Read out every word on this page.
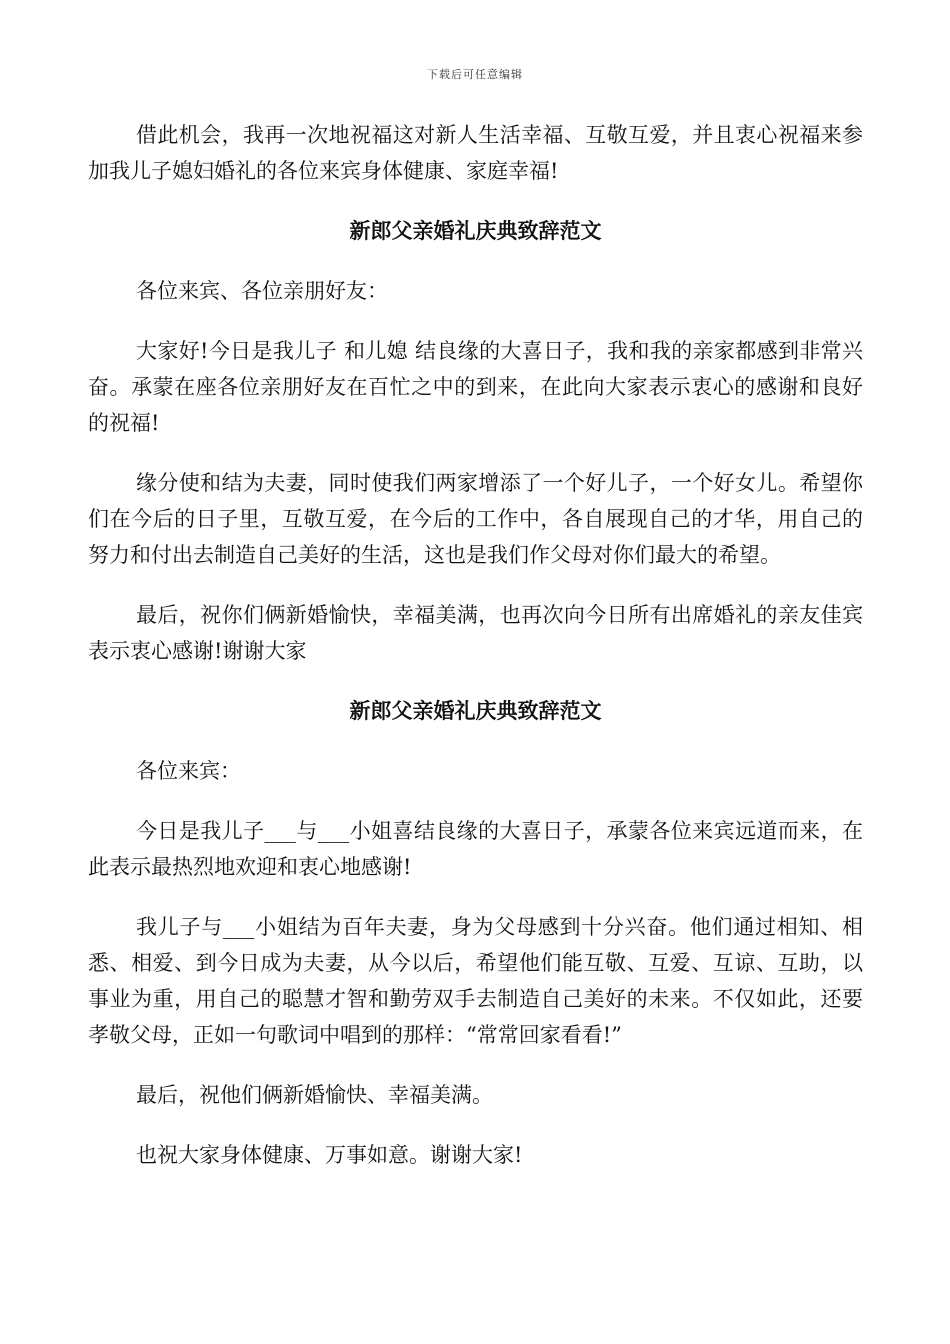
下载后可任意编辑

借此机会，我再一次地祝福这对新人生活幸福、互敬互爱，并且衷心祝福来参加我儿子媳妇婚礼的各位来宾身体健康、家庭幸福!

新郎父亲婚礼庆典致辞范文

各位来宾、各位亲朋好友：

大家好!今日是我儿子 和儿媳 结良缘的大喜日子，我和我的亲家都感到非常兴奋。承蒙在座各位亲朋好友在百忙之中的到来，在此向大家表示衷心的感谢和良好的祝福!

缘分使和结为夫妻，同时使我们两家增添了一个好儿子，一个好女儿。希望你们在今后的日子里，互敬互爱，在今后的工作中，各自展现自己的才华，用自己的努力和付出去制造自己美好的生活，这也是我们作父母对你们最大的希望。

最后，祝你们俩新婚愉快，幸福美满，也再次向今日所有出席婚礼的亲友佳宾表示衷心感谢!谢谢大家

新郎父亲婚礼庆典致辞范文

各位来宾：

今日是我儿子___与___小姐喜结良缘的大喜日子，承蒙各位来宾远道而来，在此表示最热烈地欢迎和衷心地感谢!

我儿子与___小姐结为百年夫妻，身为父母感到十分兴奋。他们通过相知、相悉、相爱、到今日成为夫妻，从今以后，希望他们能互敬、互爱、互谅、互助，以事业为重，用自己的聪慧才智和勤劳双手去制造自己美好的未来。不仅如此，还要孝敬父母，正如一句歌词中唱到的那样：“常常回家看看!”

最后，祝他们俩新婚愉快、幸福美满。

也祝大家身体健康、万事如意。谢谢大家!
